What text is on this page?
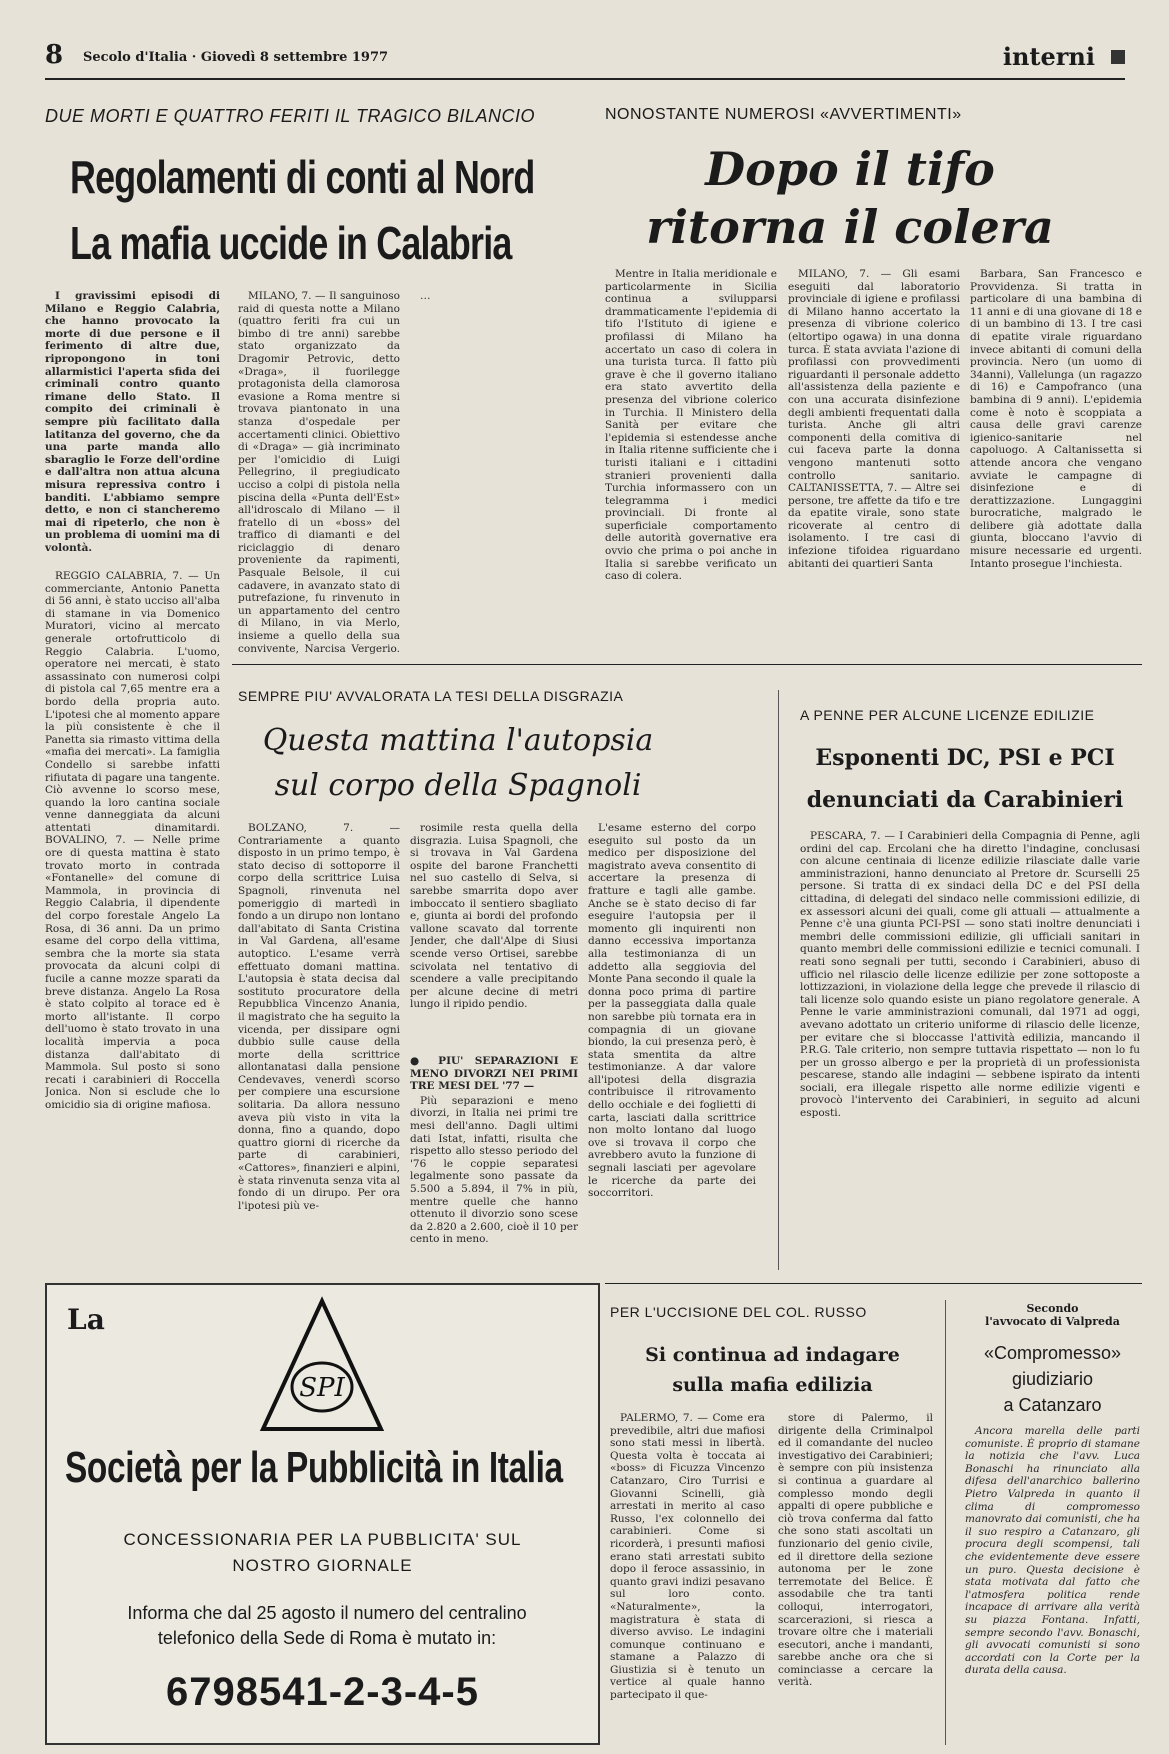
8 Secolo d'Italia · Giovedì 8 settembre 1977	interni
DUE MORTI E QUATTRO FERITI IL TRAGICO BILANCIO
Regolamenti di conti al Nord
La mafia uccide in Calabria

I gravissimi episodi di Milano e Reggio Calabria, che hanno provocato la morte di due persone e il ferimento di altre due, ripropongono in toni allarmistici l'aperta sfida dei criminali contro quanto rimane dello Stato. Il compito dei criminali è sempre più facilitato dalla latitanza del governo, che da una parte manda allo sbaraglio le Forze dell'ordine e dall'altra non attua alcuna misura repressiva contro i banditi. L'abbiamo sempre detto, e non ci stancheremo mai di ripeterlo, che non è un problema di uomini ma di volontà.

REGGIO CALABRIA, 7. — Un commerciante, Antonio Panetta di 56 anni, è stato ucciso all'alba di stamane in via Domenico Muratori, vicino al mercato generale ortofrutticolo di Reggio Calabria. L'uomo, operatore nei mercati, è stato assassinato con numerosi colpi di pistola cal 7,65 mentre era a bordo della propria auto. L'ipotesi che al momento appare la più consistente è che il Panetta sia rimasto vittima della «mafia dei mercati». La famiglia Condello si sarebbe infatti rifiutata di pagare una tangente. Ciò avvenne lo scorso mese, quando la loro cantina sociale venne danneggiata da alcuni attentati dinamitardi. BOVALINO, 7. — Nelle prime ore di questa mattina è stato trovato morto in contrada «Fontanelle» del comune di Mammola, in provincia di Reggio Calabria, il dipendente del corpo forestale Angelo La Rosa, di 36 anni. Da un primo esame del corpo della vittima, sembra che la morte sia stata provocata da alcuni colpi di fucile a canne mozze sparati da breve distanza. Angelo La Rosa è stato colpito al torace ed è morto all'istante. Il corpo dell'uomo è stato trovato in una località impervia a poca distanza dall'abitato di Mammola. Sul posto si sono recati i carabinieri di Roccella Jonica. Non si esclude che lo omicidio sia di origine mafiosa.

MILANO, 7. — Il sanguinoso raid di questa notte a Milano (quattro feriti fra cui un bimbo di tre anni) sarebbe stato organizzato da Dragomir Petrovic, detto «Draga», il fuorilegge protagonista della clamorosa evasione a Roma mentre si trovava piantonato in una stanza d'ospedale per accertamenti clinici. Obiettivo di «Draga» — già incriminato per l'omicidio di Luigi Pellegrino, il pregiudicato ucciso a colpi di pistola nella piscina della «Punta dell'Est» all'idroscalo di Milano — il fratello di un «boss» del traffico di diamanti e del riciclaggio di denaro proveniente da rapimenti, Pasquale Belsole, il cui cadavere, in avanzato stato di putrefazione, fu rinvenuto in un appartamento del centro di Milano, in via Merlo, insieme a quello della sua convivente, Narcisa Vergerio.

…

NONOSTANTE NUMEROSI «AVVERTIMENTI»
Dopo il tifo
ritorna il colera

Mentre in Italia meridionale e particolarmente in Sicilia continua a svilupparsi drammaticamente l'epidemia di tifo l'Istituto di igiene e profilassi di Milano ha accertato un caso di colera in una turista turca. Il fatto più grave è che il governo italiano era stato avvertito della presenza del vibrione colerico in Turchia. Il Ministero della Sanità per evitare che l'epidemia si estendesse anche in Italia ritenne sufficiente che i turisti italiani e i cittadini stranieri provenienti dalla Turchia informassero con un telegramma i medici provinciali. Di fronte al superficiale comportamento delle autorità governative era ovvio che prima o poi anche in Italia si sarebbe verificato un caso di colera.

MILANO, 7. — Gli esami eseguiti dal laboratorio provinciale di igiene e profilassi di Milano hanno accertato la presenza di vibrione colerico (eltortipo ogawa) in una donna turca. È stata avviata l'azione di profilassi con provvedimenti riguardanti il personale addetto all'assistenza della paziente e con una accurata disinfezione degli ambienti frequentati dalla turista. Anche gli altri componenti della comitiva di cui faceva parte la donna vengono mantenuti sotto controllo sanitario. CALTANISSETTA, 7. — Altre sei persone, tre affette da tifo e tre da epatite virale, sono state ricoverate al centro di isolamento. I tre casi di infezione tifoidea riguardano abitanti dei quartieri Santa

Barbara, San Francesco e Provvidenza. Si tratta in particolare di una bambina di 11 anni e di una giovane di 18 e di un bambino di 13. I tre casi di epatite virale riguardano invece abitanti di comuni della provincia. Nero (un uomo di 34anni), Vallelunga (un ragazzo di 16) e Campofranco (una bambina di 9 anni). L'epidemia come è noto è scoppiata a causa delle gravi carenze igienico-sanitarie nel capoluogo. A Caltanissetta si attende ancora che vengano avviate le campagne di disinfezione e di derattizzazione. Lungaggini burocratiche, malgrado le delibere già adottate dalla giunta, bloccano l'avvio di misure necessarie ed urgenti. Intanto prosegue l'inchiesta.

SEMPRE PIU' AVVALORATA LA TESI DELLA DISGRAZIA
Questa mattina l'autopsia
sul corpo della Spagnoli

BOLZANO, 7. — Contrariamente a quanto disposto in un primo tempo, è stato deciso di sottoporre il corpo della scrittrice Luisa Spagnoli, rinvenuta nel pomeriggio di martedì in fondo a un dirupo non lontano dall'abitato di Santa Cristina in Val Gardena, all'esame autoptico. L'esame verrà effettuato domani mattina. L'autopsia è stata decisa dal sostituto procuratore della Repubblica Vincenzo Anania, il magistrato che ha seguito la vicenda, per dissipare ogni dubbio sulle cause della morte della scrittrice allontanatasi dalla pensione Cendevaves, venerdì scorso per compiere una escursione solitaria. Da allora nessuno aveva più visto in vita la donna, fino a quando, dopo quattro giorni di ricerche da parte di carabinieri, «Cattores», finanzieri e alpini, è stata rinvenuta senza vita al fondo di un dirupo. Per ora l'ipotesi più ve-

rosimile resta quella della disgrazia. Luisa Spagnoli, che si trovava in Val Gardena ospite del barone Franchetti nel suo castello di Selva, si sarebbe smarrita dopo aver imboccato il sentiero sbagliato e, giunta ai bordi del profondo vallone scavato dal torrente Jender, che dall'Alpe di Siusi scende verso Ortisei, sarebbe scivolata nel tentativo di scendere a valle precipitando per alcune decine di metri lungo il ripido pendio.

● PIU' SEPARAZIONI E MENO DIVORZI NEI PRIMI TRE MESI DEL '77 —

Più separazioni e meno divorzi, in Italia nei primi tre mesi dell'anno. Dagli ultimi dati Istat, infatti, risulta che rispetto allo stesso periodo del '76 le coppie separatesi legalmente sono passate da 5.500 a 5.894, il 7% in più, mentre quelle che hanno ottenuto il divorzio sono scese da 2.820 a 2.600, cioè il 10 per cento in meno.

L'esame esterno del corpo eseguito sul posto da un medico per disposizione del magistrato aveva consentito di accertare la presenza di fratture e tagli alle gambe. Anche se è stato deciso di far eseguire l'autopsia per il momento gli inquirenti non danno eccessiva importanza alla testimonianza di un addetto alla seggiovia del Monte Pana secondo il quale la donna poco prima di partire per la passeggiata dalla quale non sarebbe più tornata era in compagnia di un giovane biondo, la cui presenza però, è stata smentita da altre testimonianze. A dar valore all'ipotesi della disgrazia contribuisce il ritrovamento dello occhiale e dei foglietti di carta, lasciati dalla scrittrice non molto lontano dal luogo ove si trovava il corpo che avrebbero avuto la funzione di segnali lasciati per agevolare le ricerche da parte dei soccorritori.

A PENNE PER ALCUNE LICENZE EDILIZIE
Esponenti DC, PSI e PCI
denunciati da Carabinieri

PESCARA, 7. — I Carabinieri della Compagnia di Penne, agli ordini del cap. Ercolani che ha diretto l'indagine, conclusasi con alcune centinaia di licenze edilizie rilasciate dalle varie amministrazioni, hanno denunciato al Pretore dr. Scurselli 25 persone. Si tratta di ex sindaci della DC e del PSI della cittadina, di delegati del sindaco nelle commissioni edilizie, di ex assessori alcuni dei quali, come gli attuali — attualmente a Penne c'è una giunta PCI-PSI — sono stati inoltre denunciati i membri delle commissioni edilizie, gli ufficiali sanitari in quanto membri delle commissioni edilizie e tecnici comunali. I reati sono segnali per tutti, secondo i Carabinieri, abuso di ufficio nel rilascio delle licenze edilizie per zone sottoposte a lottizzazioni, in violazione della legge che prevede il rilascio di tali licenze solo quando esiste un piano regolatore generale. A Penne le varie amministrazioni comunali, dal 1971 ad oggi, avevano adottato un criterio uniforme di rilascio delle licenze, per evitare che si bloccasse l'attività edilizia, mancando il P.R.G. Tale criterio, non sempre tuttavia rispettato — non lo fu per un grosso albergo e per la proprietà di un professionista pescarese, stando alle indagini — sebbene ispirato da intenti sociali, era illegale rispetto alle norme edilizie vigenti e provocò l'intervento dei Carabinieri, in seguito ad alcuni esposti.

La
SPI
Società per la Pubblicità in Italia
CONCESSIONARIA PER LA PUBBLICITA' SUL
NOSTRO GIORNALE
Informa che dal 25 agosto il numero del centralino telefonico della Sede di Roma è mutato in:
6798541-2-3-4-5
PER L'UCCISIONE DEL COL. RUSSO
Si continua ad indagare
sulla mafia edilizia

PALERMO, 7. — Come era prevedibile, altri due mafiosi sono stati messi in libertà. Questa volta è toccata ai «boss» di Ficuzza Vincenzo Catanzaro, Ciro Turrisi e Giovanni Scinelli, già arrestati in merito al caso Russo, l'ex colonnello dei carabinieri. Come si ricorderà, i presunti mafiosi erano stati arrestati subito dopo il feroce assassinio, in quanto gravi indizi pesavano sul loro conto. «Naturalmente», la magistratura è stata di diverso avviso. Le indagini comunque continuano e stamane a Palazzo di Giustizia si è tenuto un vertice al quale hanno partecipato il que-

store di Palermo, il dirigente della Criminalpol ed il comandante del nucleo investigativo dei Carabinieri; è sempre con più insistenza si continua a guardare al complesso mondo degli appalti di opere pubbliche e ciò trova conferma dal fatto che sono stati ascoltati un funzionario del genio civile, ed il direttore della sezione autonoma per le zone terremotate del Belice. È assodabile che tra tanti colloqui, interrogatori, scarcerazioni, si riesca a trovare oltre che i materiali esecutori, anche i mandanti, sarebbe anche ora che si cominciasse a cercare la verità.

Secondo
l'avvocato di Valpreda
«Compromesso»
giudiziario
a Catanzaro

Ancora marella delle parti comuniste. È proprio di stamane la notizia che l'avv. Luca Bonaschi ha rinunciato alla difesa dell'anarchico ballerino Pietro Valpreda in quanto il clima di compromesso manovrato dai comunisti, che ha il suo respiro a Catanzaro, gli procura degli scompensi, tali che evidentemente deve essere un puro. Questa decisione è stata motivata dal fatto che l'atmosfera politica rende incapace di arrivare alla verità su piazza Fontana. Infatti, sempre secondo l'avv. Bonaschi, gli avvocati comunisti si sono accordati con la Corte per la durata della causa.
